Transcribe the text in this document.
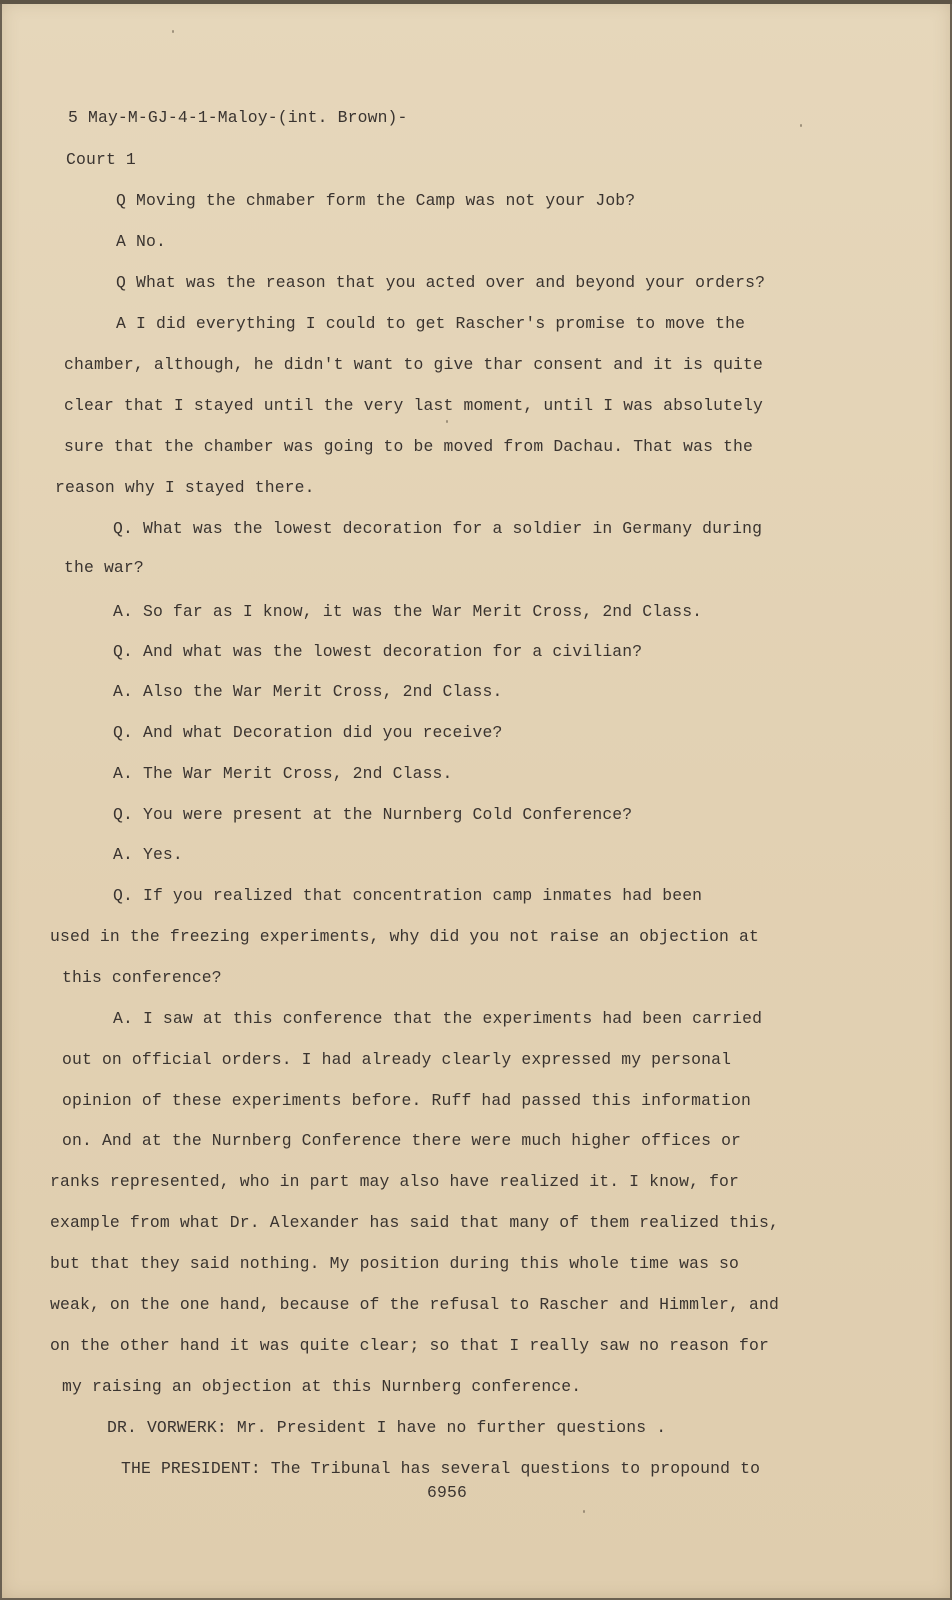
5 May-M-GJ-4-1-Maloy-(int. Brown)-
Court 1
Q Moving the chmaber form the Camp was not your Job?
A No.
Q What was the reason that you acted over and beyond your orders?
A I did everything I could to get Rascher's promise to move the
chamber, although, he didn't want to give thar consent and it is quite
clear that I stayed until the very last moment, until I was absolutely
sure that the chamber was going to be moved from Dachau. That was the
reason why I stayed there.
Q. What was the lowest decoration for a soldier in Germany during
the war?
A. So far as I know, it was the War Merit Cross, 2nd Class.
Q. And what was the lowest decoration for a civilian?
A. Also the War Merit Cross, 2nd Class.
Q. And what Decoration did you receive?
A. The War Merit Cross, 2nd Class.
Q. You were present at the Nurnberg Cold Conference?
A. Yes.
Q. If you realized that concentration camp inmates had been
used in the freezing experiments, why did you not raise an objection at
this conference?
A. I saw at this conference that the experiments had been carried
out on official orders. I had already clearly expressed my personal
opinion of these experiments before. Ruff had passed this information
on. And at the Nurnberg Conference there were much higher offices or
ranks represented, who in part may also have realized it. I know, for
example from what Dr. Alexander has said that many of them realized this,
but that they said nothing. My position during this whole time was so
weak, on the one hand, because of the refusal to Rascher and Himmler, and
on the other hand it was quite clear; so that I really saw no reason for
my raising an objection at this Nurnberg conference.
DR. VORWERK: Mr. President I have no further questions .
THE PRESIDENT: The Tribunal has several questions to propound to
6956
